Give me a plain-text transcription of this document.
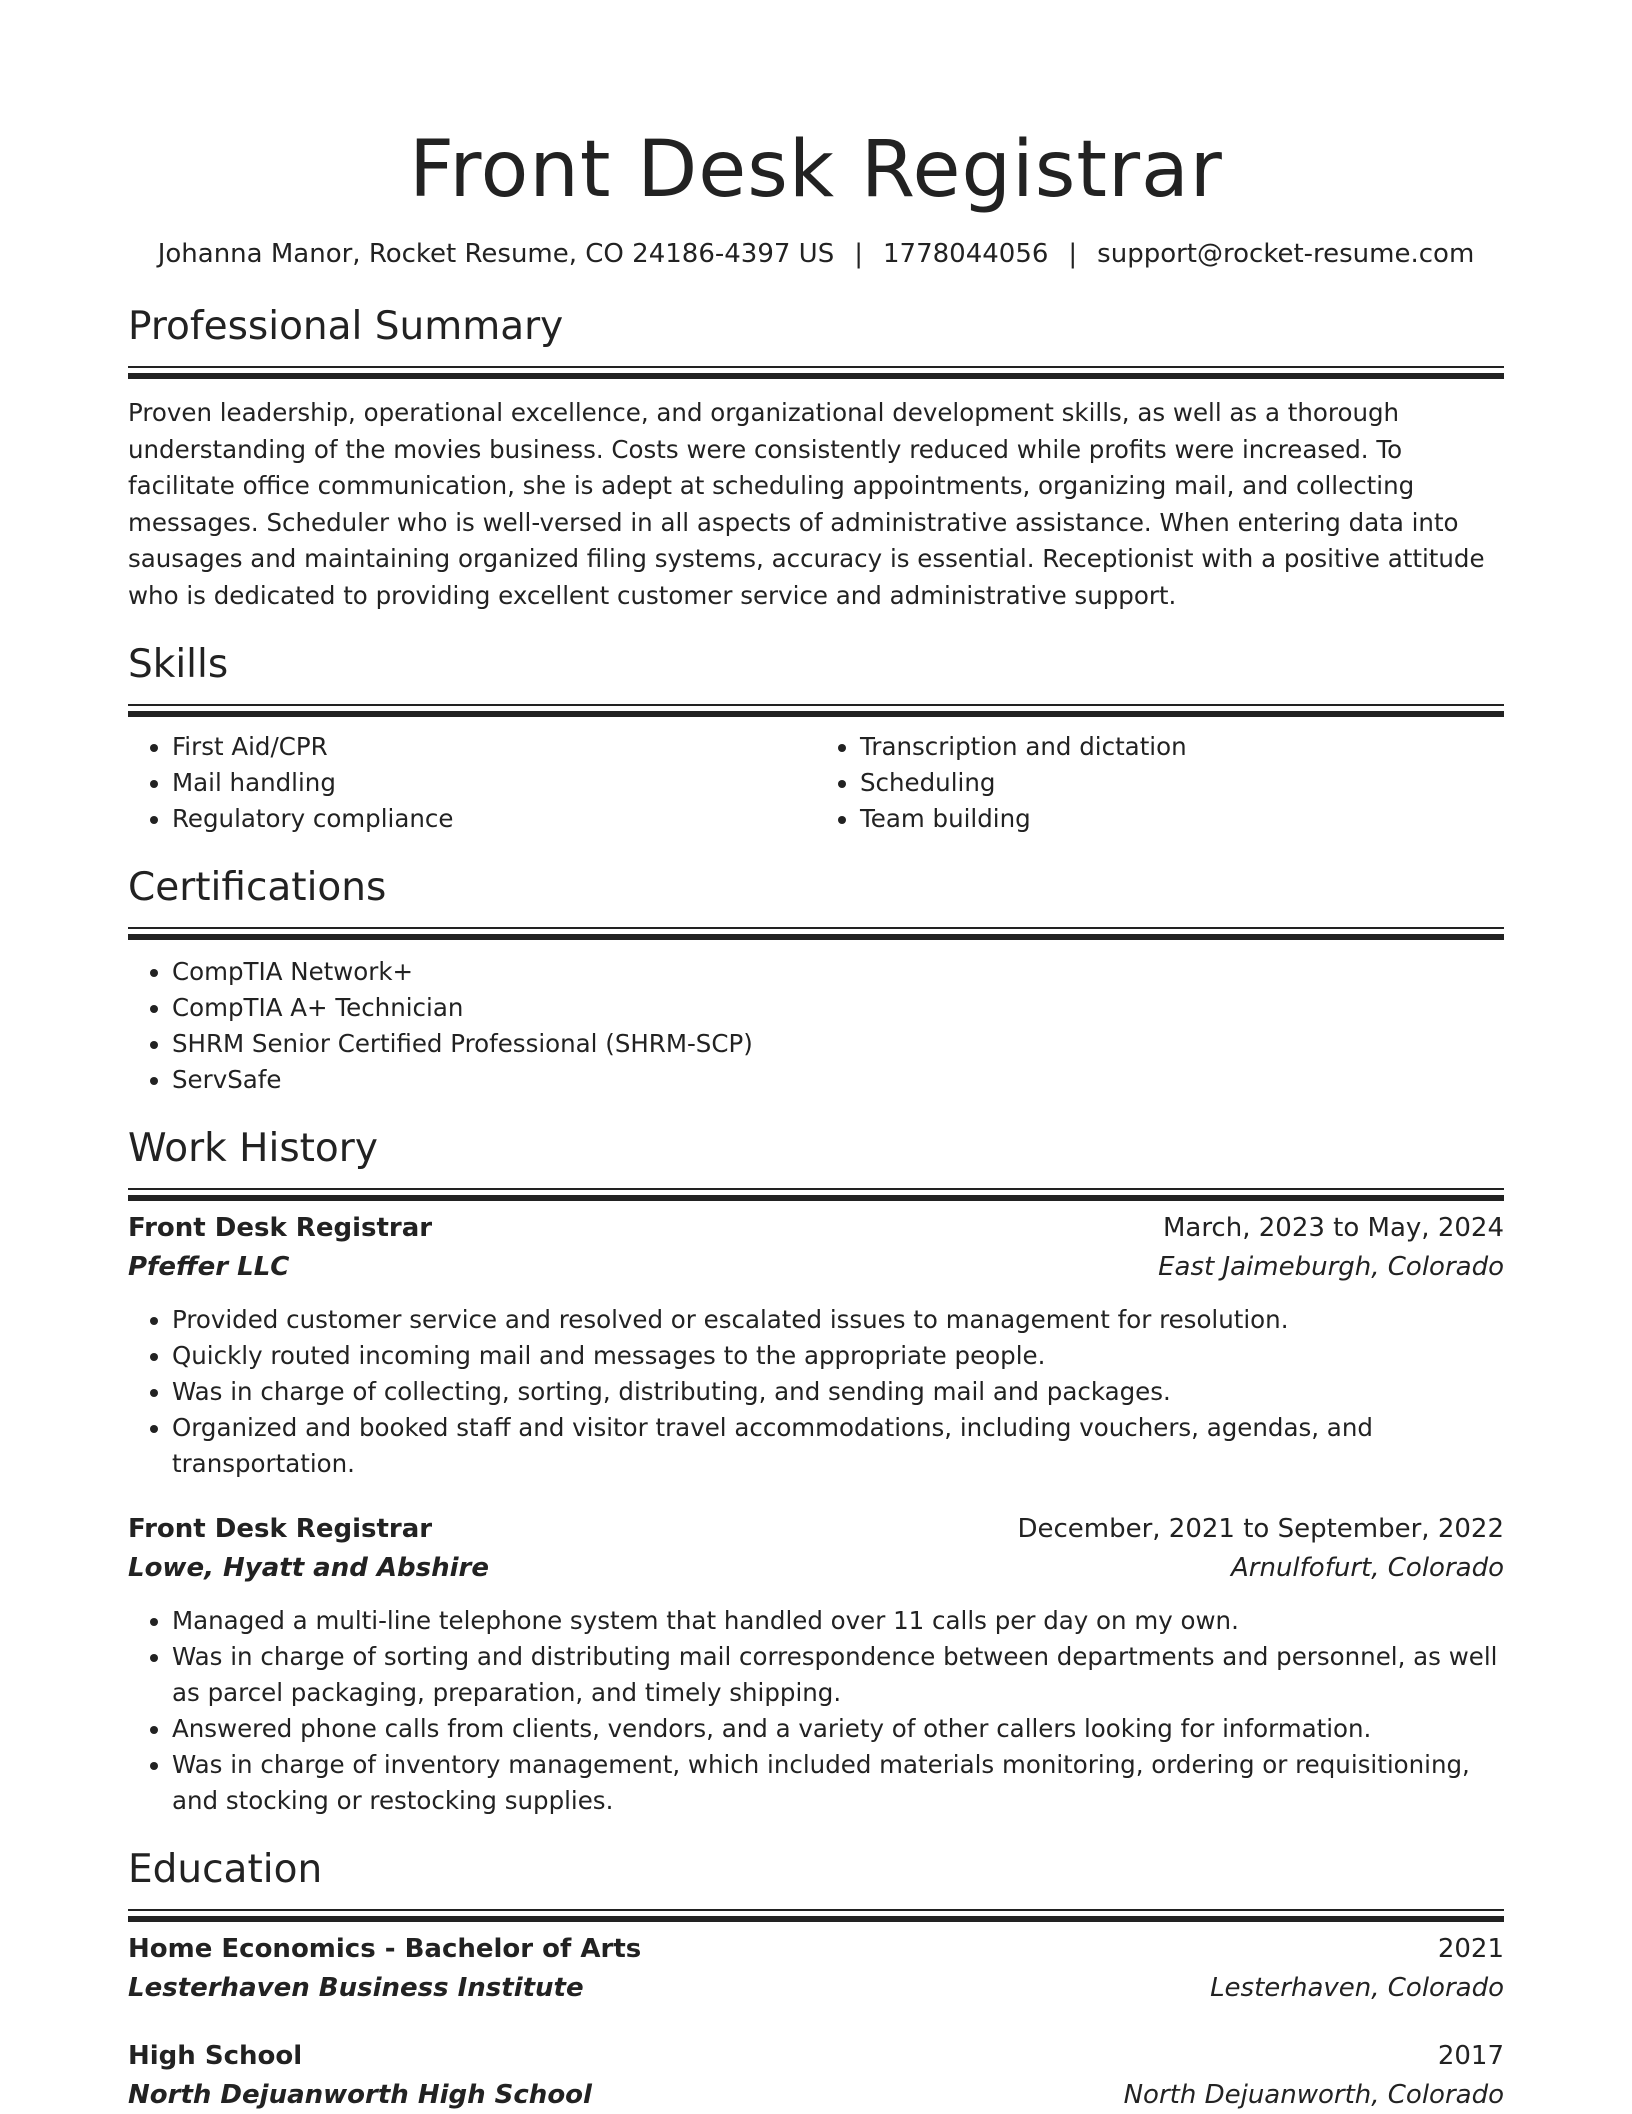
Front Desk Registrar
Johanna Manor, Rocket Resume, CO 24186-4397 US | 1778044056 | support@rocket-resume.com
Professional Summary

Proven leadership, operational excellence, and organizational development skills, as well as a thorough understanding of the movies business. Costs were consistently reduced while profits were increased. To facilitate office communication, she is adept at scheduling appointments, organizing mail, and collecting messages. Scheduler who is well-versed in all aspects of administrative assistance. When entering data into sausages and maintaining organized filing systems, accuracy is essential. Receptionist with a positive attitude who is dedicated to providing excellent customer service and administrative support.

Skills
• First Aid/CPR
• Mail handling
• Regulatory compliance
• Transcription and dictation
• Scheduling
• Team building
Certifications
• CompTIA Network+
• CompTIA A+ Technician
• SHRM Senior Certified Professional (SHRM-SCP)
• ServSafe
Work History
Front Desk Registrar	March, 2023 to May, 2024
Pfeffer LLC	East Jaimeburgh, Colorado
• Provided customer service and resolved or escalated issues to management for resolution.
• Quickly routed incoming mail and messages to the appropriate people.
• Was in charge of collecting, sorting, distributing, and sending mail and packages.
• Organized and booked staff and visitor travel accommodations, including vouchers, agendas, and transportation.
Front Desk Registrar	December, 2021 to September, 2022
Lowe, Hyatt and Abshire	Arnulfofurt, Colorado
• Managed a multi-line telephone system that handled over 11 calls per day on my own.
• Was in charge of sorting and distributing mail correspondence between departments and personnel, as well as parcel packaging, preparation, and timely shipping.
• Answered phone calls from clients, vendors, and a variety of other callers looking for information.
• Was in charge of inventory management, which included materials monitoring, ordering or requisitioning, and stocking or restocking supplies.
Education
Home Economics - Bachelor of Arts	2021
Lesterhaven Business Institute	Lesterhaven, Colorado
High School	2017
North Dejuanworth High School	North Dejuanworth, Colorado
